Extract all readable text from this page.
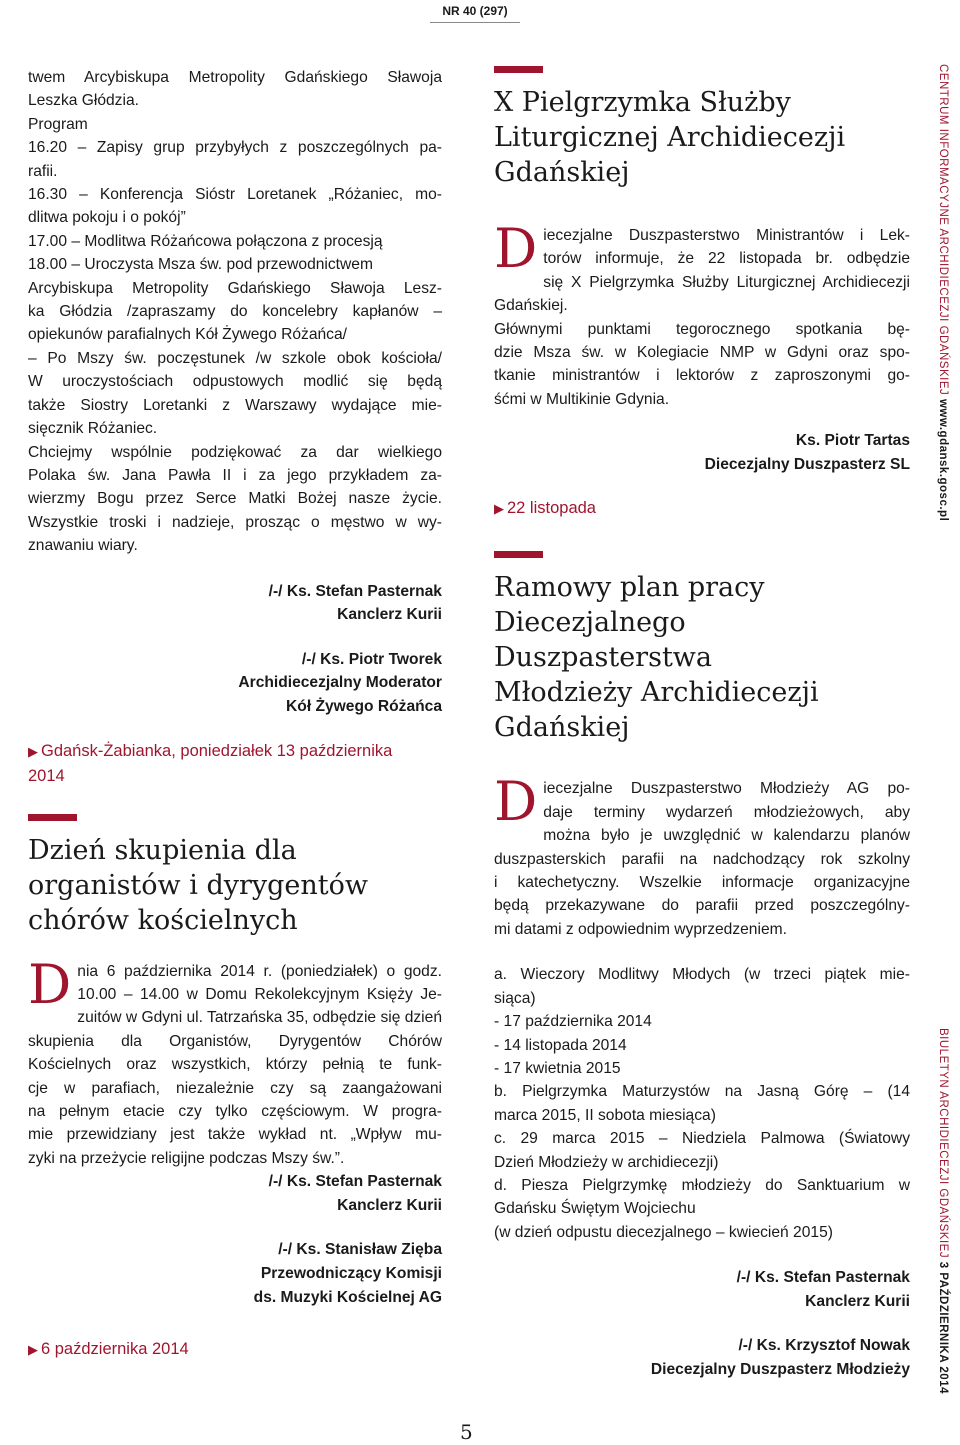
NR 40 (297)
twem Arcybiskupa Metropolity Gdańskiego Sławoja
Leszka Głódzia.
Program
16.20 – Zapisy grup przybyłych z poszczególnych pa-
rafii.
16.30 – Konferencja Sióstr Loretanek „Różaniec, mo-
dlitwa pokoju i o pokój”
17.00 – Modlitwa Różańcowa połączona z procesją
18.00 – Uroczysta Msza św. pod przewodnictwem
Arcybiskupa Metropolity Gdańskiego Sławoja Lesz-
ka Głódzia /zapraszamy do koncelebry kapłanów –
opiekunów parafialnych Kół Żywego Różańca/
– Po Mszy św. poczęstunek /w szkole obok kościoła/
W uroczystościach odpustowych modlić się będą
także Siostry Loretanki z Warszawy wydające mie-
sięcznik Różaniec.
Chciejmy wspólnie podziękować za dar wielkiego
Polaka św. Jana Pawła II i za jego przykładem za-
wierzmy Bogu przez Serce Matki Bożej nasze życie.
Wszystkie troski i nadzieje, prosząc o męstwo w wy-
znawaniu wiary.
/-/ Ks. Stefan Pasternak
Kanclerz Kurii
/-/ Ks. Piotr Tworek
Archidiecezjalny Moderator
Kół Żywego Różańca
▶ Gdańsk-Żabianka, poniedziałek 13 października
2014
Dzień skupienia dla
organistów i dyrygentów
chórów kościelnych
D nia 6 października 2014 r. (poniedziałek) o godz.
10.00 – 14.00 w Domu Rekolekcyjnym Księży Je-
zuitów w Gdyni ul. Tatrzańska 35, odbędzie się dzień
skupienia dla Organistów, Dyrygentów Chórów
Kościelnych oraz wszystkich, którzy pełnią te funk-
cje w parafiach, niezależnie czy są zaangażowani
na pełnym etacie czy tylko częściowym. W progra-
mie przewidziany jest także wykład nt. „Wpływ mu-
zyki na przeżycie religijne podczas Mszy św.”.
/-/ Ks. Stefan Pasternak
Kanclerz Kurii
/-/ Ks. Stanisław Zięba
Przewodniczący Komisji
ds. Muzyki Kościelnej AG
▶ 6 października 2014
X Pielgrzymka Służby
Liturgicznej Archidiecezji
Gdańskiej
D iecezjalne Duszpasterstwo Ministrantów i Lek-
torów informuje, że 22 listopada br. odbędzie
się X Pielgrzymka Służby Liturgicznej Archidiecezji
Gdańskiej.
Głównymi punktami tegorocznego spotkania bę-
dzie Msza św. w Kolegiacie NMP w Gdyni oraz spo-
tkanie ministrantów i lektorów z zaproszonymi go-
śćmi w Multikinie Gdynia.
Ks. Piotr Tartas
Diecezjalny Duszpasterz SL
▶ 22 listopada
Ramowy plan pracy
Diecezjalnego Duszpasterstwa
Młodzieży Archidiecezji
Gdańskiej
D iecezjalne Duszpasterstwo Młodzieży AG po-
daje terminy wydarzeń młodzieżowych, aby
można było je uwzględnić w kalendarzu planów
duszpasterskich parafii na nadchodzący rok szkolny
i katechetyczny. Wszelkie informacje organizacyjne
będą przekazywane do parafii przed poszczególny-
mi datami z odpowiednim wyprzedzeniem.
a. Wieczory Modlitwy Młodych (w trzeci piątek mie-
siąca)
- 17 października 2014
- 14 listopada 2014
- 17 kwietnia 2015
b. Pielgrzymka Maturzystów na Jasną Górę – (14
marca 2015, II sobota miesiąca)
c. 29 marca 2015 – Niedziela Palmowa (Światowy
Dzień Młodzieży w archidiecezji)
d. Piesza Pielgrzymkę młodzieży do Sanktuarium w
Gdańsku Świętym Wojciechu
(w dzień odpustu diecezjalnego – kwiecień 2015)
/-/ Ks. Stefan Pasternak
Kanclerz Kurii
/-/ Ks. Krzysztof Nowak
Diecezjalny Duszpasterz Młodzieży
CENTRUM INFORMACYJNE ARCHIDIECEZJI GDAŃSKIEJ www.gdansk.gosc.pl
BIULETYN ARCHIDIECEZJI GDAŃSKIEJ 3 PAŹDZIERNIKA 2014
5
